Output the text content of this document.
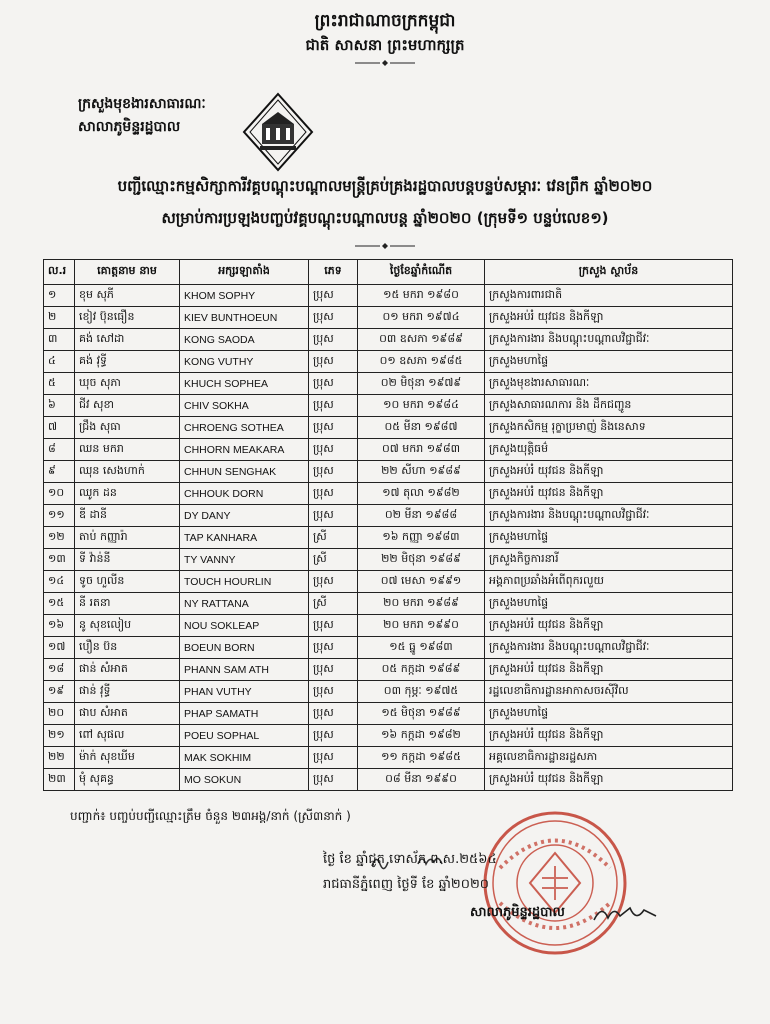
ព្រះរាជាណាចក្រកម្ពុជា
ជាតិ សាសនា ព្រះមហាក្សត្រ
ក្រសួងមុខងារសាធារណៈ
សាលាភូមិន្ទរដ្ឋបាល
បញ្ជីឈ្មោះកម្មសិក្សាការីវគ្គបណ្តុះបណ្តាលមន្ត្រីគ្រប់គ្រងរដ្ឋបាលបន្តបន្ទប់សម្ភារៈ វេនព្រឹក ឆ្នាំ២០២០
សម្រាប់ការប្រឡងបញ្ចប់វគ្គបណ្តុះបណ្តាលបន្ត ឆ្នាំ២០២០ (ក្រុមទី១ បន្ទប់លេខ១)
ល.រ	គោត្តនាម នាម	អក្សរឡាតាំង	ភេទ	ថ្ងៃខែឆ្នាំកំណើត	ក្រសួង ស្ថាប័ន
១	ខុម សុភី	KHOM SOPHY	ប្រុស	១៥ មករា ១៩៨០	ក្រសួងការពារជាតិ
២	ខៀវ ប៊ុនធឿន	KIEV BUNTHOEUN	ប្រុស	០១ មករា ១៩៧៤	ក្រសួងអប់រំ យុវជន និងកីឡា
៣	គង់ សៅដា	KONG SAODA	ប្រុស	០៣ ឧសភា ១៩៨៩	ក្រសួងការងារ និងបណ្តុះបណ្តាលវិជ្ជាជីវៈ
៤	គង់ វុទ្ធី	KONG VUTHY	ប្រុស	០១ ឧសភា ១៩៨៥	ក្រសួងមហាផ្ទៃ
៥	ឃុច សុភា	KHUCH SOPHEA	ប្រុស	០២ មិថុនា ១៩៧៩	ក្រសួងមុខងារសាធារណៈ
៦	ជីវ សុខា	CHIV SOKHA	ប្រុស	១០ មករា ១៩៨៤	ក្រសួងសាធារណការ និង ដឹកជញ្ជូន
៧	ជ្រឹង សុធា	CHROENG SOTHEA	ប្រុស	០៥ មីនា ១៩៨៧	ក្រសួងកសិកម្ម រុក្ខាប្រមាញ់ និងនេសាទ
៨	ឈន មករា	CHHORN MEAKARA	ប្រុស	០៧ មករា ១៩៨៣	ក្រសួងយុត្តិធម៌
៩	ឈុន សេងហាក់	CHHUN SENGHAK	ប្រុស	២២ សីហា ១៩៨៩	ក្រសួងអប់រំ យុវជន និងកីឡា
១០	ឈូក ដន	CHHOUK DORN	ប្រុស	១៧ តុលា ១៩៨២	ក្រសួងអប់រំ យុវជន និងកីឡា
១១	ឌី ដានី	DY DANY	ប្រុស	០២ មីនា ១៩៨៨	ក្រសួងការងារ និងបណ្តុះបណ្តាលវិជ្ជាជីវៈ
១២	តាប់ កញ្ញារ៉ា	TAP KANHARA	ស្រី	១៦ កញ្ញា ១៩៨៣	ក្រសួងមហាផ្ទៃ
១៣	ទី វ៉ាន់នី	TY VANNY	ស្រី	២២ មិថុនា ១៩៨៩	ក្រសួងកិច្ចការនារី
១៤	ទូច ហួលីន	TOUCH HOURLIN	ប្រុស	០៧ មេសា ១៩៩១	អង្គភាពប្រឆាំងអំពើពុករលួយ
១៥	នី រតនា	NY RATTANA	ស្រី	២០ មករា ១៩៨៩	ក្រសួងមហាផ្ទៃ
១៦	នូ សុខលៀប	NOU SOKLEAP	ប្រុស	២០ មករា ១៩៩០	ក្រសួងអប់រំ យុវជន និងកីឡា
១៧	បឿន ប៊ន	BOEUN BORN	ប្រុស	១៥ ធ្នូ ១៩៨៣	ក្រសួងការងារ និងបណ្តុះបណ្តាលវិជ្ជាជីវៈ
១៨	ផាន់ សំអាត	PHANN SAM ATH	ប្រុស	០៥ កក្កដា ១៩៨៩	ក្រសួងអប់រំ យុវជន និងកីឡា
១៩	ផាន់ វុទ្ធី	PHAN VUTHY	ប្រុស	០៣ កុម្ភៈ ១៩៧៥	រដ្ឋលេខាធិការដ្ឋានអាកាសចរស៊ីវិល
២០	ផាប សំអាត	PHAP SAMATH	ប្រុស	១៥ មិថុនា ១៩៨៩	ក្រសួងមហាផ្ទៃ
២១	ពៅ សុផល	POEU SOPHAL	ប្រុស	១៦ កក្កដា ១៩៨២	ក្រសួងអប់រំ យុវជន និងកីឡា
២២	ម៉ាក់ សុខឃីម	MAK SOKHIM	ប្រុស	១១ កក្កដា ១៩៨៥	អគ្គលេខាធិការដ្ឋានរដ្ឋសភា
២៣	មុំ សុគន្ធ	MO SOKUN	ប្រុស	០៨ មីនា ១៩៩០	ក្រសួងអប់រំ យុវជន និងកីឡា
បញ្ជាក់៖ បញ្ចប់បញ្ជីឈ្មោះត្រឹម ចំនួន ២៣អង្គ/នាក់ (ស្រី៣នាក់ )
ថ្ងៃ ខែ ឆ្នាំជូត ទោស័ក ព.ស.២៥៦៤
រាជធានីភ្នំពេញ ថ្ងៃទី ខែ ឆ្នាំ២០២០
សាលាភូមិន្ទរដ្ឋបាល
